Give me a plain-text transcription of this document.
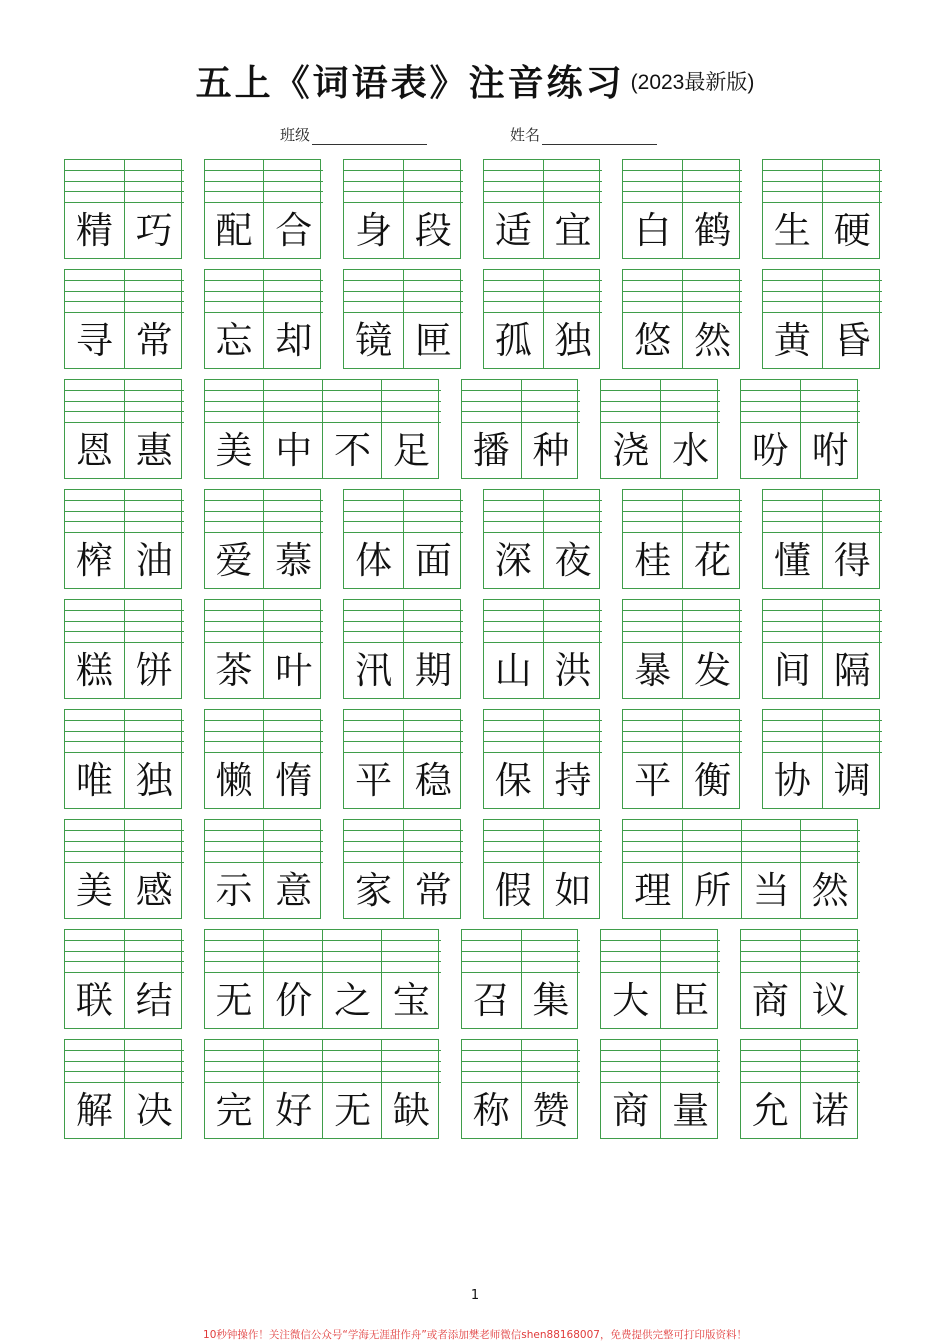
五上《词语表》注音练习 (2023最新版)
班级	姓名
精 巧 配 合 身 段 适 宜 白 鹤 生 硬
寻 常 忘 却 镜 匣 孤 独 悠 然 黄 昏
恩 惠 美 中 不 足 播 种 浇 水 吩 咐
榨 油 爱 慕 体 面 深 夜 桂 花 懂 得
糕 饼 茶 叶 汛 期 山 洪 暴 发 间 隔
唯 独 懒 惰 平 稳 保 持 平 衡 协 调
美 感 示 意 家 常 假 如 理 所 当 然
联 结 无 价 之 宝 召 集 大 臣 商 议
解 决 完 好 无 缺 称 赞 商 量 允 诺
1
10秒钟操作！关注微信公众号“学海无涯甜作舟”或者添加樊老师微信shen88168007，免费提供完整可打印版资料！
